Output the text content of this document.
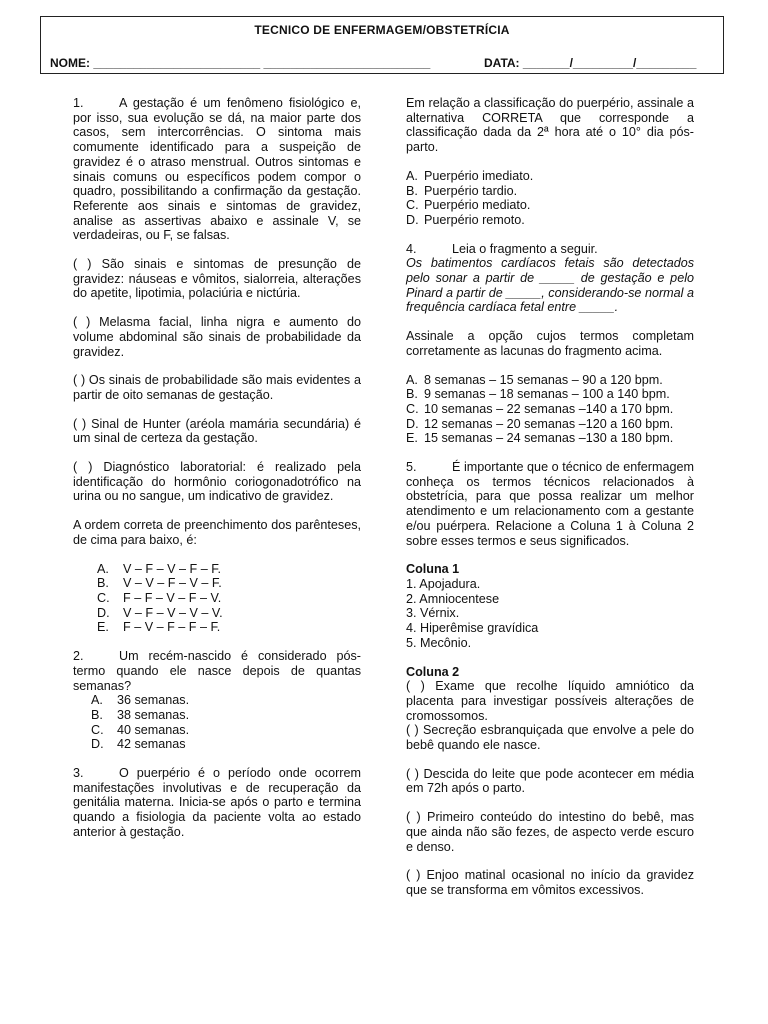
TECNICO DE ENFERMAGEM/OBSTETRÍCIA
NOME: _________________________ _________________________	DATA: _______/_________/_________

1.	A gestação é um fenômeno fisiológico e, por isso, sua evolução se dá, na maior parte dos casos, sem intercorrências. O sintoma mais comumente identificado para a suspeição de gravidez é o atraso menstrual. Outros sintomas e sinais comuns ou específicos podem compor o quadro, possibilitando a confirmação da gestação. Referente aos sinais e sintomas de gravidez, analise as assertivas abaixo e assinale V, se verdadeiras, ou F, se falsas.

( ) São sinais e sintomas de presunção de gravidez: náuseas e vômitos, sialorreia, alterações do apetite, lipotimia, polaciúria e nictúria.

( ) Melasma facial, linha nigra e aumento do volume abdominal são sinais de probabilidade da gravidez.

( ) Os sinais de probabilidade são mais evidentes a partir de oito semanas de gestação.

( ) Sinal de Hunter (aréola mamária secundária) é um sinal de certeza da gestação.

( ) Diagnóstico laboratorial: é realizado pela identificação do hormônio coriogonadotrófico na urina ou no sangue, um indicativo de gravidez.

A ordem correta de preenchimento dos parênteses, de cima para baixo, é:

A.	V – F – V – F – F.
B.	V – V – F – V – F.
C.	F – F – V – F – V.
D.	V – F – V – V – V.
E.	F – V – F – F – F.

2.	Um recém-nascido é considerado pós-termo quando ele nasce depois de quantas semanas?

A.	36 semanas.
B.	38 semanas.
C.	40 semanas.
D.	42 semanas

3.	O puerpério é o período onde ocorrem manifestações involutivas e de recuperação da genitália materna. Inicia-se após o parto e termina quando a fisiologia da paciente volta ao estado anterior à gestação.

Em relação a classificação do puerpério, assinale a alternativa CORRETA que corresponde a classificação dada da 2ª hora até o 10° dia pós-parto.

A. Puerpério imediato.
B. Puerpério tardio.
C. Puerpério mediato.
D. Puerpério remoto.

4.	Leia o fragmento a seguir.

Os batimentos cardíacos fetais são detectados pelo sonar a partir de _____ de gestação e pelo Pinard a partir de _____, considerando-se normal a frequência cardíaca fetal entre _____.

Assinale a opção cujos termos completam corretamente as lacunas do fragmento acima.

A. 8 semanas – 15 semanas – 90 a 120 bpm.
B. 9 semanas – 18 semanas – 100 a 140 bpm.
C. 10 semanas – 22 semanas –140 a 170 bpm.
D. 12 semanas – 20 semanas –120 a 160 bpm.
E. 15 semanas – 24 semanas –130 a 180 bpm.

5.	É importante que o técnico de enfermagem conheça os termos técnicos relacionados à obstetrícia, para que possa realizar um melhor atendimento e um relacionamento com a gestante e/ou puérpera. Relacione a Coluna 1 à Coluna 2 sobre esses termos e seus significados.

Coluna 1

1. Apojadura.

2. Amniocentese

3. Vérnix.

4. Hiperêmise gravídica

5. Mecônio.

Coluna 2

( ) Exame que recolhe líquido amniótico da placenta para investigar possíveis alterações de cromossomos.

( ) Secreção esbranquiçada que envolve a pele do bebê quando ele nasce.

( ) Descida do leite que pode acontecer em média em 72h após o parto.

( ) Primeiro conteúdo do intestino do bebê, mas que ainda não são fezes, de aspecto verde escuro e denso.

( ) Enjoo matinal ocasional no início da gravidez que se transforma em vômitos excessivos.
